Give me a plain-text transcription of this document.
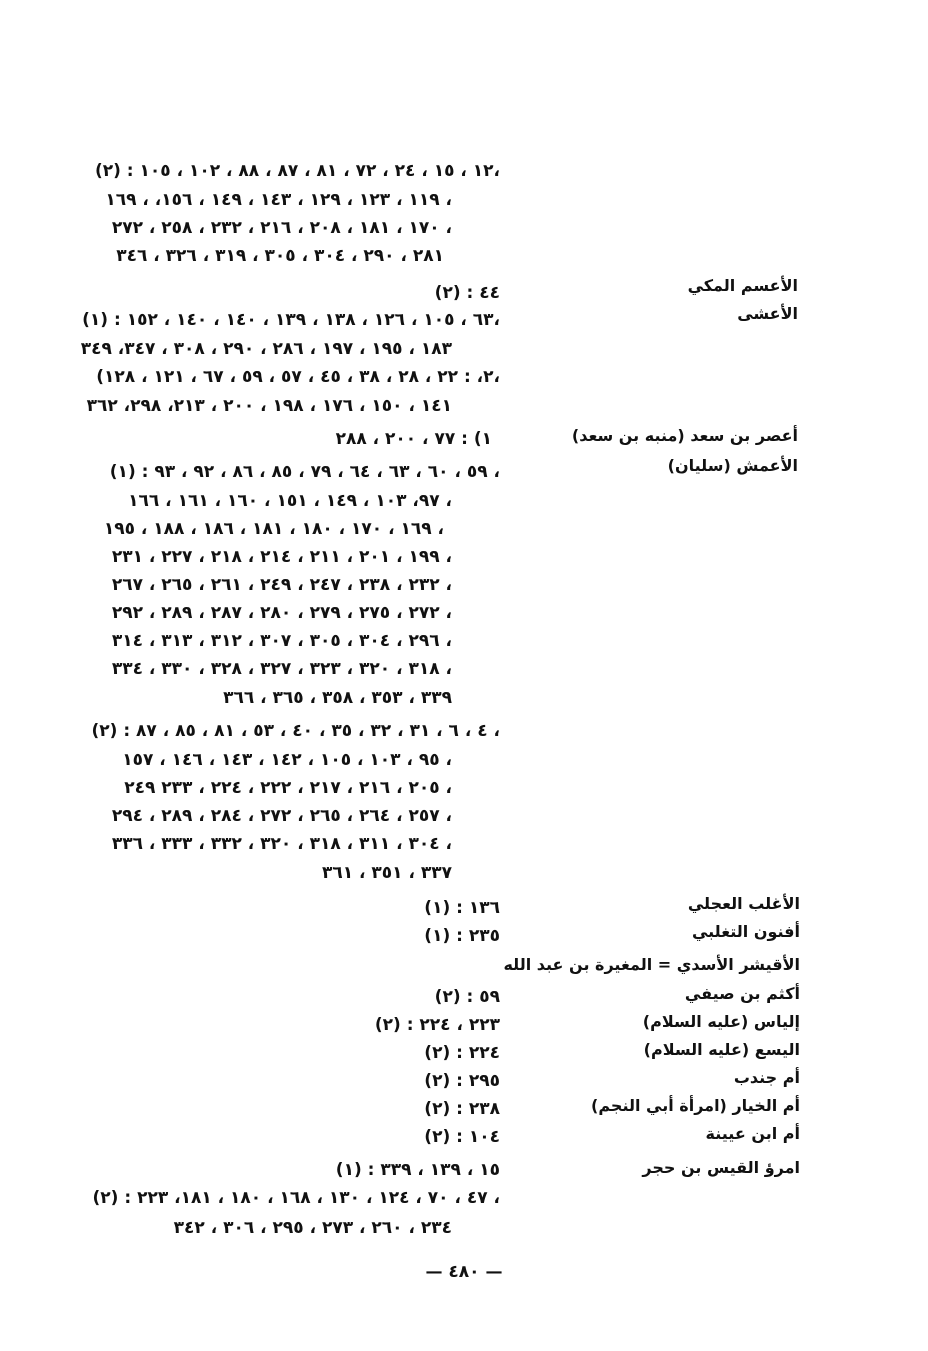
(٢) : ١٢ ، ١٥ ، ٢٤ ، ٧٢ ، ٨١ ، ٨٧ ، ٨٨ ، ١٠٢ ، ١٠٥،
١١٩ ، ١٢٣ ، ١٢٩ ، ١٤٣ ، ١٤٩ ، ١٥٦، ، ١٦٩ ،
١٧٠ ، ١٨١ ، ٢٠٨ ، ٢١٦ ، ٢٣٢ ، ٢٥٨ ، ٢٧٢ ،
٢٨١ ، ٢٩٠ ، ٣٠٤ ، ٣٠٥ ، ٣١٩ ، ٣٢٦ ، ٣٤٦
الأعسم المكي
(٢) : ٤٤
الأعشى
(١) : ٦٣ ، ١٠٥ ، ١٢٦ ، ١٣٨ ، ١٣٩ ، ١٤٠ ، ١٤٠ ، ١٥٢،
١٨٣ ، ١٩٥ ، ١٩٧ ، ٢٨٦ ، ٢٩٠ ، ٣٠٨ ، ٣٤٧، ٣٤٩
(٢، : ٢٢ ، ٢٨ ، ٣٨ ، ٤٥ ، ٥٧ ، ٥٩ ، ٦٧ ، ١٢١ ، ١٢٨،
١٤١ ، ١٥٠ ، ١٧٦ ، ١٩٨ ، ٢٠٠ ، ٢١٣، ٢٩٨، ٣٦٢
أعصر بن سعد (منبه بن سعد)
١) : ٧٧ ، ٢٠٠ ، ٢٨٨
الأعمش (سليان)
(١) : ٥٩ ، ٦٠ ، ٦٣ ، ٦٤ ، ٧٩ ، ٨٥ ، ٨٦ ، ٩٢ ، ٩٣ ،
٩٧، ١٠٣ ، ١٤٩ ، ١٥١ ، ١٦٠ ، ١٦١ ، ١٦٦ ،
١٦٩ ، ١٧٠ ، ١٨٠ ، ١٨١ ، ١٨٦ ، ١٨٨ ، ١٩٥ ،
١٩٩ ، ٢٠١ ، ٢١١ ، ٢١٤ ، ٢١٨ ، ٢٢٧ ، ٢٣١ ،
٢٣٢ ، ٢٣٨ ، ٢٤٧ ، ٢٤٩ ، ٢٦١ ، ٢٦٥ ، ٢٦٧ ،
٢٧٢ ، ٢٧٥ ، ٢٧٩ ، ٢٨٠ ، ٢٨٧ ، ٢٨٩ ، ٢٩٢ ،
٢٩٦ ، ٣٠٤ ، ٣٠٥ ، ٣٠٧ ، ٣١٢ ، ٣١٣ ، ٣١٤ ،
٣١٨ ، ٣٢٠ ، ٣٢٣ ، ٣٢٧ ، ٣٢٨ ، ٣٣٠ ، ٣٣٤ ،
٣٣٩ ، ٣٥٣ ، ٣٥٨ ، ٣٦٥ ، ٣٦٦
(٢) : ٤ ، ٦ ، ٣١ ، ٣٢ ، ٣٥ ، ٤٠ ، ٥٣ ، ٨١ ، ٨٥ ، ٨٧ ،
٩٥ ، ١٠٣ ، ١٠٥ ، ١٤٢ ، ١٤٣ ، ١٤٦ ، ١٥٧ ،
٢٠٥ ، ٢١٦ ، ٢١٧ ، ٢٢٢ ، ٢٢٤ ، ٢٣٣ ٢٤٩ ،
٢٥٧ ، ٢٦٤ ، ٢٦٥ ، ٢٧٢ ، ٢٨٤ ، ٢٨٩ ، ٢٩٤ ،
٣٠٤ ، ٣١١ ، ٣١٨ ، ٣٢٠ ، ٣٣٢ ، ٣٣٣ ، ٣٣٦ ،
٣٣٧ ، ٣٥١ ، ٣٦١
الأغلب العجلي
(١) : ١٣٦
أفنون التغلبي
(١) : ٢٣٥
الأقيشر الأسدي = المغيرة بن عبد الله
أكثم بن صيفي
(٢) : ٥٩
إلياس (عليه السلام)
(٢) : ٢٢٣ ، ٢٢٤
اليسع (عليه السلام)
(٢) : ٢٢٤
أم جندب
(٢) : ٢٩٥
أم الخيار (امرأة أبي النجم)
(٢) : ٢٣٨
أم ابن عيينة
(٢) : ١٠٤
امرؤ القيس بن حجر
(١) : ١٥ ، ١٣٩ ، ٣٣٩
(٢) : ٤٧ ، ٧٠ ، ١٢٤ ، ١٣٠ ، ١٦٨ ، ١٨٠ ، ١٨١، ٢٢٣ ،
٢٣٤ ، ٢٦٠ ، ٢٧٣ ، ٢٩٥ ، ٣٠٦ ، ٣٤٢
— ٤٨٠ —
